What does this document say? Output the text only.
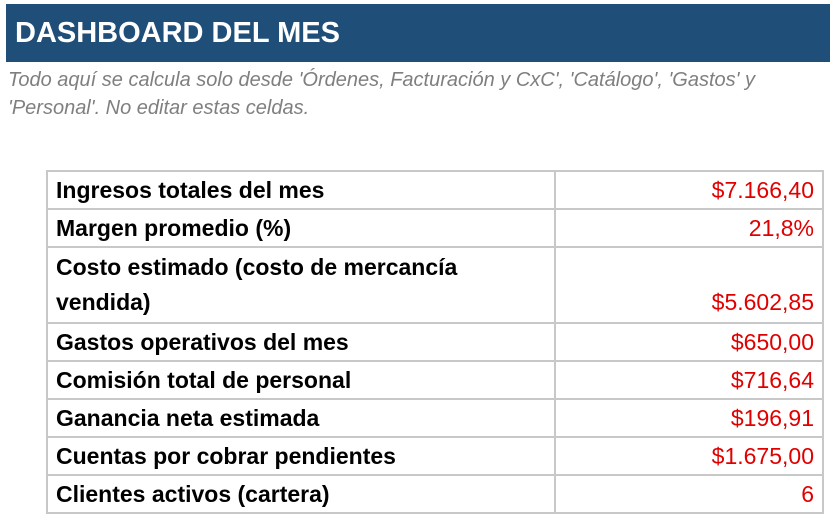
DASHBOARD DEL MES
Todo aquí se calcula solo desde 'Órdenes, Facturación y CxC', 'Catálogo', 'Gastos' y 'Personal'. No editar estas celdas.
Ingresos totales del mes	$7.166,40
Margen promedio (%)	21,8%
Costo estimado (costo de mercancía vendida)	$5.602,85
Gastos operativos del mes	$650,00
Comisión total de personal	$716,64
Ganancia neta estimada	$196,91
Cuentas por cobrar pendientes	$1.675,00
Clientes activos (cartera)	6
